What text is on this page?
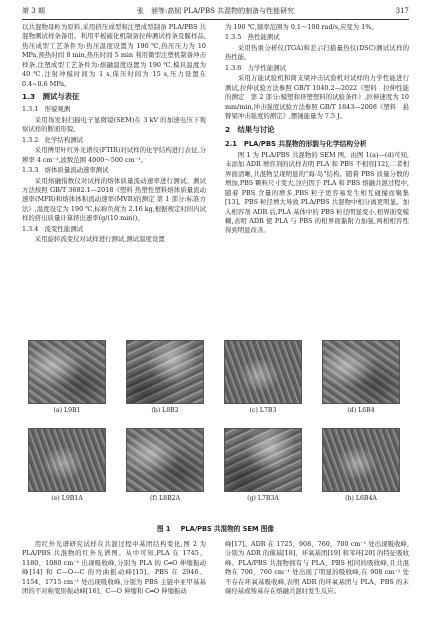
第 3 期	张　昶等:高韧 PLA/PBS 共混物的制备与性能研究	317

以共混物母粒为原料,采用挤压成型和注塑成型制备 PLA/PBS 共混物测试样条备用。利用平板硫化机制备拉伸测试样条及膜样品,热压成型工艺条件为:热压温度设置为 190 ℃,热压压力为 10 MPa,预热时间 8 min,热压时间 5 min 利用微型注塑机制备冲击样条,注塑成型工艺条件为:熔融温度设置为 190 ℃,模具温度为 40 ℃,注射冲模时间为 1 s,保压时间为 15 s,压力设置在 0.4~0.6 MPa。

1.3　测试与表征
1.3.1　形貌观测

采用场发射扫描电子显微镜(SEM)在 3 kV 的加速电压下观察试样的断面形貌。

1.3.2　化学结构测试

采用傅里叶红外光谱仪(FTIR)对试样的化学结构进行表征,分辨率 4 cm⁻¹,波数范围 4000～500 cm⁻¹。

1.3.3　熔体质量流动速率测试

采用熔融指数仪对试样的熔体质量流动速率进行测试。测试方法按照 GB/T 3682.1—2018《塑料 热塑性塑料熔体质量流动速率(MFR)和熔体体积流动速率(MVR)的测定 第 1 部分:标准方法》,温度设定为 190 ℃,标称负荷为 2.16 kg,根据规定时间内试样的挤出质量计算挤出速率(g/(10 min))。

1.3.4　流变性能测试

采用旋转流变仪对试样进行测试,测试温度设置

为 190 ℃,频率范围为 0.1～100 rad/s,应变为 1%。

1.3.5　热性能测试

采用热重分析仪(TGA)和差示扫描量热仪(DSC)测试试样的热性能。

1.3.6　力学性能测试

采用万能试验机和简支梁冲击试验机对试样的力学性能进行测试,拉伸试验方法参照 GB/T 1040.2—2022《塑料　拉伸性能的测定　第 2 部分:模塑和挤塑塑料的试验条件》,拉伸速度为 10 mm/min,冲击强度试验方法参照 GB/T 1843—2008《塑料　悬臂梁冲击强度的测定》,摆锤能量为 7.5 J。

2　结果与讨论
2.1　PLA/PBS 共混物的形貌与化学结构分析

图 1 为 PLA/PBS 共混物的 SEM 图。由图 1(a)—(d)可知,未添加 ADR 增容剂的试样表明 PLA 和 PBS 不相容[12],二者相界面清晰,共混物呈现明显的"海-岛"结构。随着 PBS 质量分数的增加,PBS 颗粒尺寸变大,这归因于 PLA 和 PBS 熔融共混过程中,随着 PBS 含量的增多,PBS 粒子更容易发生相互碰撞而聚集[13]。PBS 粒径增大导致 PLA/PBS 共混物中相分离更明显。加入相容剂 ADR 后,PLA 基体中的 PBS 粒径明显变小,相界面变模糊,表明 ADR 使 PLA 与 PBS 的相界面黏附力加强,两相相容性得到明显改善。

(a) L9B1	(b) L8B2	(c) L7B3	(d) L6B4
(e) L9B1A	(f) L8B2A	(g) L7B3A	(h) L6B4A
图 1 PLA/PBS 共混物的 SEM 图像

用红外光谱研究试样在共混过程中基团结构变化,图 2 为 PLA/PBS 共混物的红外光谱图。从中可知,PLA 在 1745、1180、1080 cm⁻¹ 出现吸收峰,分别为 PLA 的 C═O 伸缩振动峰[14] 和 C—O—C 的弯曲振动峰[15]。PBS 在 2946、1154、1715 cm⁻¹ 处出现吸收峰,分别为 PBS 主链中亚甲基基团的不对称变形振动峰[16]、C—O 伸缩和 C═O 伸缩振动

峰[17]。ADR 在 1725、908、760、700 cm⁻¹ 处出现吸收峰,分别为 ADR 的羰基[18]、环氧基团[19] 和苯环[20] 的特征吸收峰。PLA/PBS 共混物拥有与 PLA、PBS 相同的吸收峰,且共混物在 700、760 cm⁻¹ 处出现了明显的吸收峰,在 908 cm⁻¹ 处不存在环氧基吸收峰,表明 ADR 的环氧基团与 PLA、PBS 的末端羟基或羧基存在熔融共混时发生反应。
